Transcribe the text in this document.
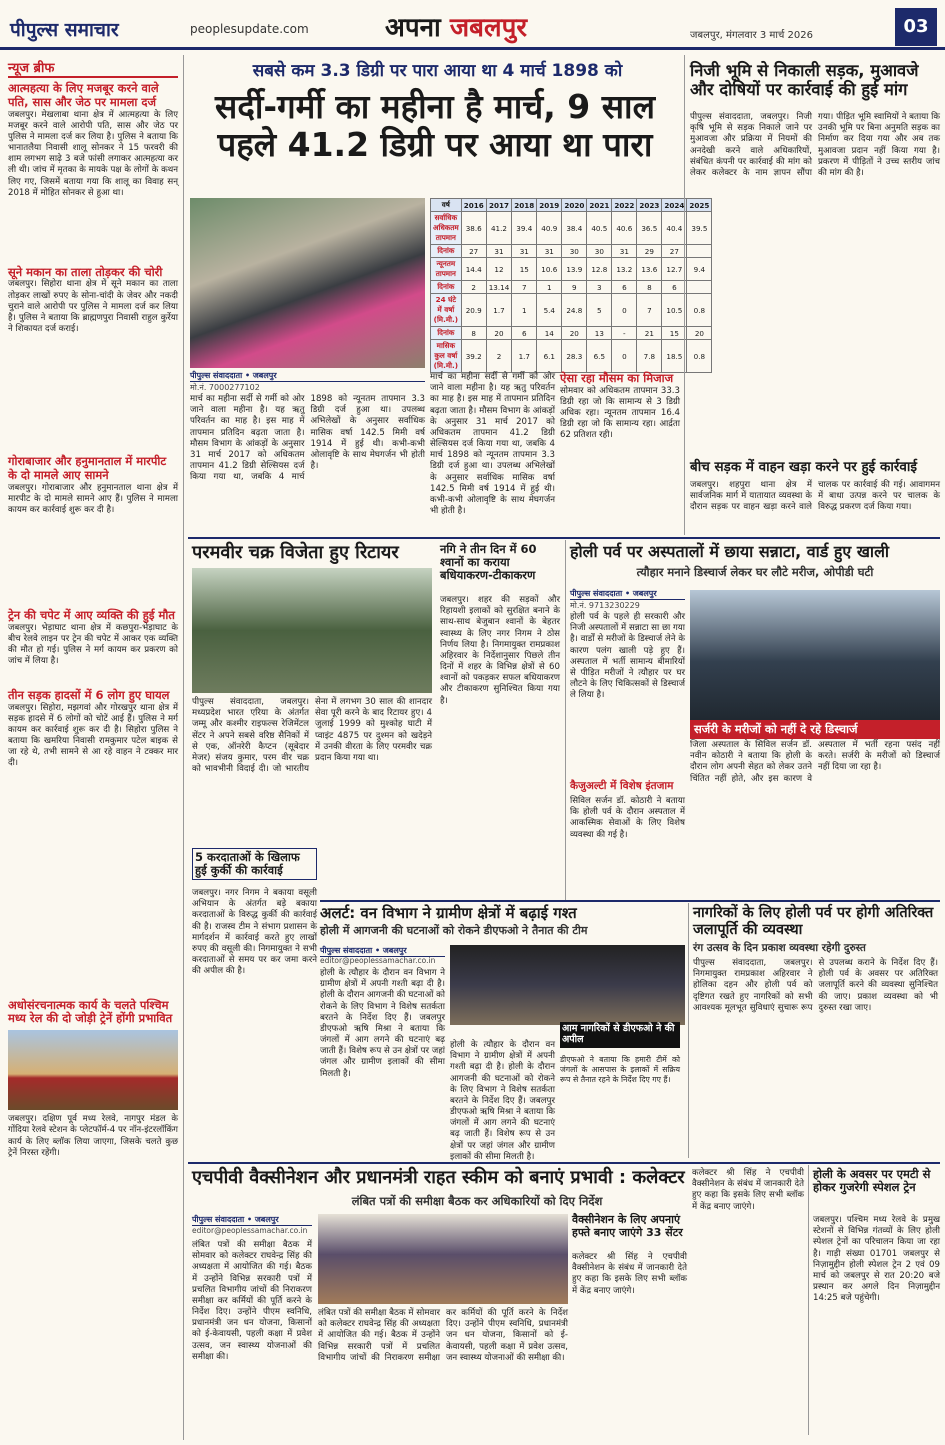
पीपुल्स समाचार	peoplesupdate.com	अपना जबलपुर	जबलपुर, मंगलवार 3 मार्च 2026	03
न्यूज ब्रीफ
आत्महत्या के लिए मजबूर करने वाले पति, सास और जेठ पर मामला दर्ज
जबलपुर। मेखलाबा थाना क्षेत्र में आत्महत्या के लिए मजबूर करने वाले आरोपी पति, सास और जेठ पर पुलिस ने मामला दर्ज कर लिया है। पुलिस ने बताया कि भानातलैया निवासी शालू सोनकर ने 15 फरवरी की शाम लगभग साढ़े 3 बजे फांसी लगाकर आत्महत्या कर ली थी। जांच में मृतका के मायके पक्ष के लोगों के कथन लिए गए, जिसमें बताया गया कि शालू का विवाह सन् 2018 में मोहित सोनकर से हुआ था।
सूने मकान का ताला तोड़कर की चोरी
जबलपुर। सिहोरा थाना क्षेत्र में सूने मकान का ताला तोड़कर लाखों रुपए के सोना-चांदी के जेवर और नकदी चुराने वाले आरोपी पर पुलिस ने मामला दर्ज कर लिया है। पुलिस ने बताया कि ब्राह्मणपुरा निवासी राहुल कुर्रेया ने शिकायत दर्ज कराई।
गोराबाजार और हनुमानताल में मारपीट के दो मामले आए सामने
जबलपुर। गोराबाजार और हनुमानताल थाना क्षेत्र में मारपीट के दो मामले सामने आए हैं। पुलिस ने मामला कायम कर कार्रवाई शुरू कर दी है।
ट्रेन की चपेट में आए व्यक्ति की हुई मौत
जबलपुर। भेड़ाघाट थाना क्षेत्र में कछपुरा-भेड़ाघाट के बीच रेलवे लाइन पर ट्रेन की चपेट में आकर एक व्यक्ति की मौत हो गई। पुलिस ने मर्ग कायम कर प्रकरण को जांच में लिया है।
तीन सड़क हादसों में 6 लोग हुए घायल
जबलपुर। सिहोरा, मझगवां और गोरखपुर थाना क्षेत्र में सड़क हादसे में 6 लोगों को चोटें आई हैं। पुलिस ने मर्ग कायम कर कार्रवाई शुरू कर दी है। सिहोरा पुलिस ने बताया कि खमरिया निवासी रामकुमार पटेल बाइक से जा रहे थे, तभी सामने से आ रहे वाहन ने टक्कर मार दी।
अधोसंरचनात्मक कार्य के चलते पश्चिम मध्य रेल की दो जोड़ी ट्रेनें होंगी प्रभावित
जबलपुर। दक्षिण पूर्व मध्य रेलवे, नागपुर मंडल के गोंदिया रेलवे स्टेशन के प्लेटफॉर्म-4 पर नॉन-इंटरलॉकिंग कार्य के लिए ब्लॉक लिया जाएगा, जिसके चलते कुछ ट्रेनें निरस्त रहेंगी।
सबसे कम 3.3 डिग्री पर पारा आया था 4 मार्च 1898 को
सर्दी-गर्मी का महीना है मार्च, 9 साल
पहले 41.2 डिग्री पर आया था पारा
पीपुल्स संवाददाता • जबलपुर
मो.नं. 7000277102
वर्ष	2016	2017	2018	2019	2020	2021	2022	2023	2024	2025
सर्वाधिक अधिकतम तापमान	38.6	41.2	39.4	40.9	38.4	40.5	40.6	36.5	40.4	39.5
दिनांक	27	31	31	31	30	30	31	29	27	
न्यूनतम तापमान	14.4	12	15	10.6	13.9	12.8	13.2	13.6	12.7	9.4
दिनांक	2	13.14	7	1	9	3	6	8	6	
24 घंटे में वर्षा (मि.मी.)	20.9	1.7	1	5.4	24.8	5	0	7	10.5	0.8
दिनांक	8	20	6	14	20	13	-	21	15	20
मासिक कुल वर्षा (मि.मी.)	39.2	2	1.7	6.1	28.3	6.5	0	7.8	18.5	0.8
मार्च का महीना सर्दी से गर्मी को ओर जाने वाला महीना है। यह ऋतु परिवर्तन का माह है। इस माह में तापमान प्रतिदिन बढ़ता जाता है। मौसम विभाग के आंकड़ों के अनुसार 31 मार्च 2017 को अधिकतम तापमान 41.2 डिग्री सेल्सियस दर्ज किया गया था, जबकि 4 मार्च 1898 को न्यूनतम तापमान 3.3 डिग्री दर्ज हुआ था। उपलब्ध अभिलेखों के अनुसार सर्वाधिक मासिक वर्षा 142.5 मिमी वर्ष 1914 में हुई थी। कभी-कभी ओलावृष्टि के साथ मेघगर्जन भी होती है।
मार्च का महीना सर्दी से गर्मी को ओर जाने वाला महीना है। यह ऋतु परिवर्तन का माह है। इस माह में तापमान प्रतिदिन बढ़ता जाता है। मौसम विभाग के आंकड़ों के अनुसार 31 मार्च 2017 को अधिकतम तापमान 41.2 डिग्री सेल्सियस दर्ज किया गया था, जबकि 4 मार्च 1898 को न्यूनतम तापमान 3.3 डिग्री दर्ज हुआ था। उपलब्ध अभिलेखों के अनुसार सर्वाधिक मासिक वर्षा 142.5 मिमी वर्ष 1914 में हुई थी। कभी-कभी ओलावृष्टि के साथ मेघगर्जन भी होती है।
ऐसा रहा मौसम का मिजाज
सोमवार को अधिकतम तापमान 33.3 डिग्री रहा जो कि सामान्य से 3 डिग्री अधिक रहा। न्यूनतम तापमान 16.4 डिग्री रहा जो कि सामान्य रहा। आर्द्रता 62 प्रतिशत रही।
निजी भूमि से निकाली सड़क, मुआवजे
और दोषियों पर कार्रवाई की हुई मांग
पीपुल्स संवाददाता, जबलपुर। निजी कृषि भूमि से सड़क निकाले जाने पर मुआवजा और प्रक्रिया में नियमों की अनदेखी करने वाले अधिकारियों, संबंधित कंपनी पर कार्रवाई की मांग को लेकर कलेक्टर के नाम ज्ञापन सौंपा गया। पीड़ित भूमि स्वामियों ने बताया कि उनकी भूमि पर बिना अनुमति सड़क का निर्माण कर दिया गया और अब तक मुआवजा प्रदान नहीं किया गया है। प्रकरण में पीड़ितों ने उच्च स्तरीय जांच की मांग की है।
बीच सड़क में वाहन खड़ा करने पर हुई कार्रवाई
जबलपुर। शहपुरा थाना क्षेत्र में सार्वजनिक मार्ग में यातायात व्यवस्था के दौरान सड़क पर वाहन खड़ा करने वाले चालक पर कार्रवाई की गई। आवागमन में बाधा उत्पन्न करने पर चालक के विरुद्ध प्रकरण दर्ज किया गया।
परमवीर चक्र विजेता हुए रिटायर
पीपुल्स संवाददाता, जबलपुर। मध्यप्रदेश भारत एरिया के अंतर्गत जम्मू और कश्मीर राइफल्स रेजिमेंटल सेंटर ने अपने सबसे वरिष्ठ सैनिकों में से एक, ऑनरेरी कैप्टन (सूबेदार मेजर) संजय कुमार, परम वीर चक्र को भावभीनी विदाई दी। जो भारतीय सेना में लगभग 30 साल की शानदार सेवा पूरी करने के बाद रिटायर हुए। 4 जुलाई 1999 को मुश्कोह घाटी में प्वाइंट 4875 पर दुश्मन को खदेड़ने में उनकी वीरता के लिए परमवीर चक्र प्रदान किया गया था।
नगि ने तीन दिन में 60 श्वानों का कराया बधियाकरण-टीकाकरण
जबलपुर। शहर की सड़कों और रिहायशी इलाकों को सुरक्षित बनाने के साथ-साथ बेजुबान श्वानों के बेहतर स्वास्थ्य के लिए नगर निगम ने ठोस निर्णय लिया है। निगमायुक्त रामप्रकाश अहिरवार के निर्देशानुसार पिछले तीन दिनों में शहर के विभिन्न क्षेत्रों से 60 श्वानों को पकड़कर सफल बधियाकरण और टीकाकरण सुनिश्चित किया गया है।
5 करदाताओं के खिलाफ हुई कुर्की की कार्रवाई
जबलपुर। नगर निगम ने बकाया वसूली अभियान के अंतर्गत बड़े बकाया करदाताओं के विरुद्ध कुर्की की कार्रवाई की है। राजस्व टीम ने संभाग प्रशासन के मार्गदर्शन में कार्रवाई करते हुए लाखों रुपए की वसूली की। निगमायुक्त ने सभी करदाताओं से समय पर कर जमा करने की अपील की है।
होली पर्व पर अस्पतालों में छाया सन्नाटा, वार्ड हुए खाली
त्यौहार मनाने डिस्चार्ज लेकर घर लौटे मरीज, ओपीडी घटी
पीपुल्स संवाददाता • जबलपुर
मो.नं. 9713230229
होली पर्व के पहले ही सरकारी और निजी अस्पतालों में सन्नाटा सा छा गया है। वार्डों से मरीजों के डिस्चार्ज लेने के कारण पलंग खाली पड़े हुए हैं। अस्पताल में भर्ती सामान्य बीमारियों से पीड़ित मरीजों ने त्यौहार पर घर लौटने के लिए चिकित्सकों से डिस्चार्ज ले लिया है।
कैजुअल्टी में विशेष इंतजाम
सिविल सर्जन डॉ. कोठारी ने बताया कि होली पर्व के दौरान अस्पताल में आकस्मिक सेवाओं के लिए विशेष व्यवस्था की गई है।
सर्जरी के मरीजों को नहीं दे रहे डिस्चार्ज
जिला अस्पताल के सिविल सर्जन डॉ. नवीन कोठारी ने बताया कि होली के दौरान लोग अपनी सेहत को लेकर उतने चिंतित नहीं होते, और इस कारण वे अस्पताल में भर्ती रहना पसंद नहीं करते। सर्जरी के मरीजों को डिस्चार्ज नहीं दिया जा रहा है।
अलर्ट: वन विभाग ने ग्रामीण क्षेत्रों में बढ़ाई गश्त
होली में आगजनी की घटनाओं को रोकने डीएफओ ने तैनात की टीम
पीपुल्स संवाददाता • जबलपुर
editor@peoplessamachar.co.in
होली के त्यौहार के दौरान वन विभाग ने ग्रामीण क्षेत्रों में अपनी गश्ती बढ़ा दी है। होली के दौरान आगजनी की घटनाओं को रोकने के लिए विभाग ने विशेष सतर्कता बरतने के निर्देश दिए हैं। जबलपुर डीएफओ ऋषि मिश्रा ने बताया कि जंगलों में आग लगने की घटनाएं बढ़ जाती हैं। विशेष रूप से उन क्षेत्रों पर जहां जंगल और ग्रामीण इलाकों की सीमा मिलती है।
आम नागरिकों से डीएफओ ने की अपील
डीएफओ ने बताया कि हमारी टीमें को जंगलों के आसपास के इलाकों में सक्रिय रूप से तैनात रहने के निर्देश दिए गए हैं।
होली के त्यौहार के दौरान वन विभाग ने ग्रामीण क्षेत्रों में अपनी गश्ती बढ़ा दी है। होली के दौरान आगजनी की घटनाओं को रोकने के लिए विभाग ने विशेष सतर्कता बरतने के निर्देश दिए हैं। जबलपुर डीएफओ ऋषि मिश्रा ने बताया कि जंगलों में आग लगने की घटनाएं बढ़ जाती हैं। विशेष रूप से उन क्षेत्रों पर जहां जंगल और ग्रामीण इलाकों की सीमा मिलती है।
नागरिकों के लिए होली पर्व पर होगी अतिरिक्त जलापूर्ति की व्यवस्था
रंग उत्सव के दिन प्रकाश व्यवस्था रहेगी दुरुस्त
पीपुल्स संवाददाता, जबलपुर। निगमायुक्त रामप्रकाश अहिरवार ने होलिका दहन और होली पर्व को दृष्टिगत रखते हुए नागरिकों को सभी आवश्यक मूलभूत सुविधाएं सुचारू रूप से उपलब्ध कराने के निर्देश दिए हैं। होली पर्व के अवसर पर अतिरिक्त जलापूर्ति करने की व्यवस्था सुनिश्चित की जाए। प्रकाश व्यवस्था को भी दुरुस्त रखा जाए।
एचपीवी वैक्सीनेशन और प्रधानमंत्री राहत स्कीम को बनाएं प्रभावी : कलेक्टर
लंबित पत्रों की समीक्षा बैठक कर अधिकारियों को दिए निर्देश
पीपुल्स संवाददाता • जबलपुर
editor@peoplessamachar.co.in
लंबित पत्रों की समीक्षा बैठक में सोमवार को कलेक्टर राघवेन्द्र सिंह की अध्यक्षता में आयोजित की गई। बैठक में उन्होंने विभिन्न सरकारी पत्रों में प्रचलित विभागीय जांचों की निराकरण समीक्षा कर कर्मियों की पूर्ति करने के निर्देश दिए। उन्होंने पीएम स्वनिधि, प्रधानमंत्री जन धन योजना, किसानों को ई-केवायसी, पहली कक्षा में प्रवेश उत्सव, जन स्वास्थ्य योजनाओं की समीक्षा की।
लंबित पत्रों की समीक्षा बैठक में सोमवार को कलेक्टर राघवेन्द्र सिंह की अध्यक्षता में आयोजित की गई। बैठक में उन्होंने विभिन्न सरकारी पत्रों में प्रचलित विभागीय जांचों की निराकरण समीक्षा कर कर्मियों की पूर्ति करने के निर्देश दिए। उन्होंने पीएम स्वनिधि, प्रधानमंत्री जन धन योजना, किसानों को ई-केवायसी, पहली कक्षा में प्रवेश उत्सव, जन स्वास्थ्य योजनाओं की समीक्षा की।
वैक्सीनेशन के लिए अपनाएं हफ्ते बनाए जाएंगे 33 सेंटर
कलेक्टर श्री सिंह ने एचपीवी वैक्सीनेशन के संबंध में जानकारी देते हुए कहा कि इसके लिए सभी ब्लॉक में केंद्र बनाए जाएंगे।
कलेक्टर श्री सिंह ने एचपीवी वैक्सीनेशन के संबंध में जानकारी देते हुए कहा कि इसके लिए सभी ब्लॉक में केंद्र बनाए जाएंगे।
होली के अवसर पर एमटी से होकर गुजरेगी स्पेशल ट्रेन
जबलपुर। पश्चिम मध्य रेलवे के प्रमुख स्टेशनों से विभिन्न गंतव्यों के लिए होली स्पेशल ट्रेनों का परिचालन किया जा रहा है। गाड़ी संख्या 01701 जबलपुर से निज़ामुद्दीन होली स्पेशल ट्रेन 2 एवं 09 मार्च को जबलपुर से रात 20:20 बजे प्रस्थान कर अगले दिन निज़ामुद्दीन 14:25 बजे पहुंचेगी।
